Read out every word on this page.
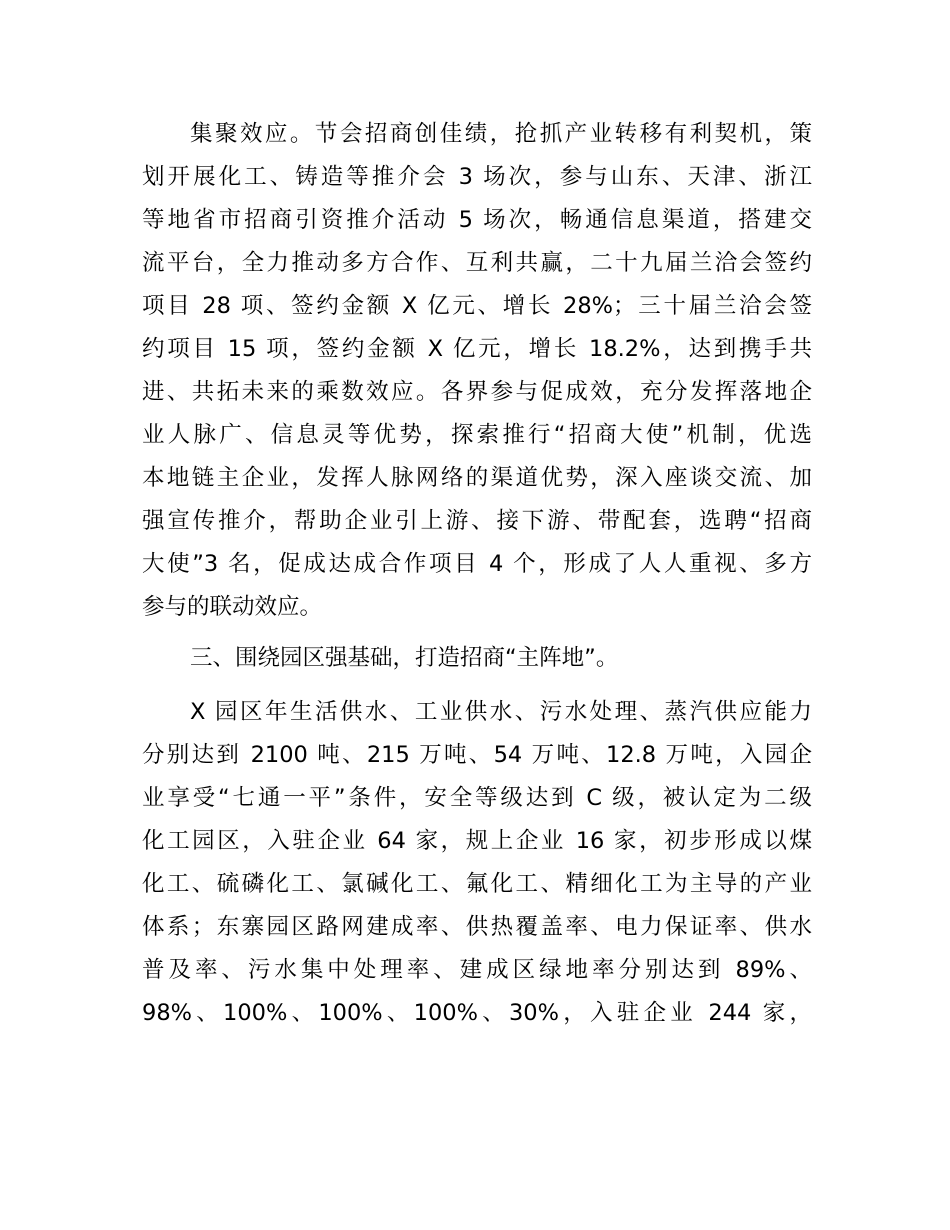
集聚效应。节会招商创佳绩，抢抓产业转移有利契机，策
划开展化工、铸造等推介会 3 场次，参与山东、天津、浙江
等地省市招商引资推介活动 5 场次，畅通信息渠道，搭建交
流平台，全力推动多方合作、互利共赢，二十九届兰洽会签约
项目 28 项、签约金额 X 亿元、增长 28%；三十届兰洽会签
约项目 15 项，签约金额 X 亿元，增长 18.2%，达到携手共
进、共拓未来的乘数效应。各界参与促成效，充分发挥落地企
业人脉广、信息灵等优势，探索推行“招商大使”机制，优选
本地链主企业，发挥人脉网络的渠道优势，深入座谈交流、加
强宣传推介，帮助企业引上游、接下游、带配套，选聘“招商
大使”3 名，促成达成合作项目 4 个，形成了人人重视、多方
参与的联动效应。
三、围绕园区强基础，打造招商“主阵地”。
X 园区年生活供水、工业供水、污水处理、蒸汽供应能力
分别达到 2100 吨、215 万吨、54 万吨、12.8 万吨，入园企
业享受“七通一平”条件，安全等级达到 C 级，被认定为二级
化工园区，入驻企业 64 家，规上企业 16 家，初步形成以煤
化工、硫磷化工、氯碱化工、氟化工、精细化工为主导的产业
体系；东寨园区路网建成率、供热覆盖率、电力保证率、供水
普及率、污水集中处理率、建成区绿地率分别达到 89%、
98%、100%、100%、100%、30%，入驻企业 244 家，
